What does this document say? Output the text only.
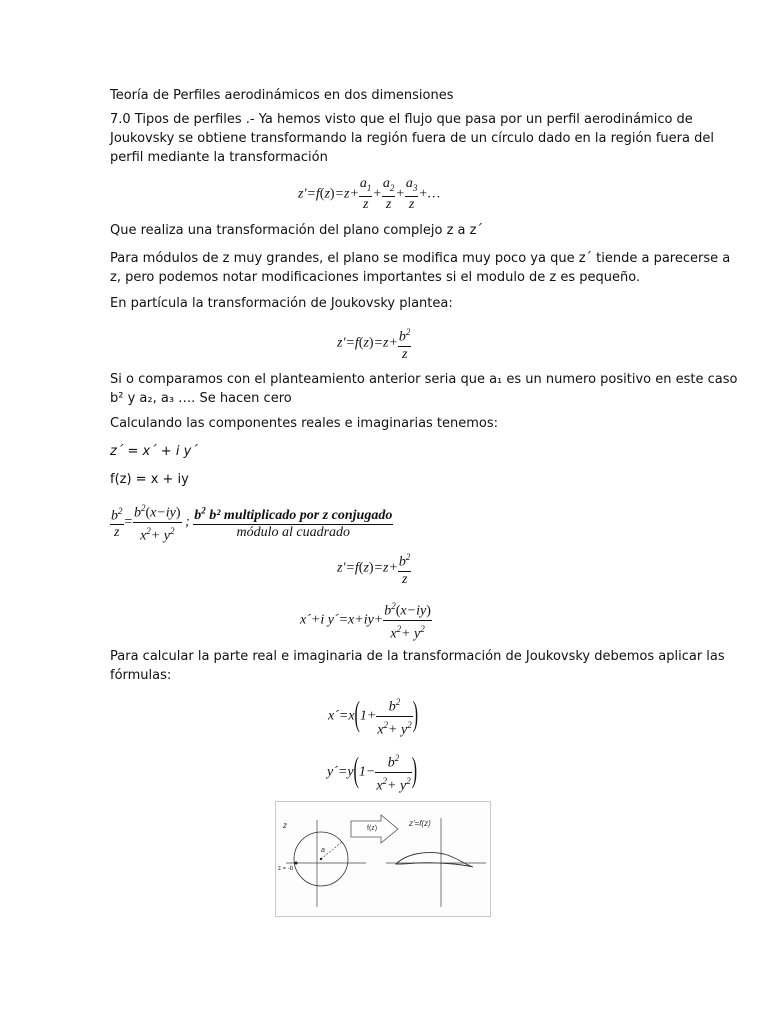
Teoría de Perfiles aerodinámicos en dos dimensiones
7.0 Tipos de perfiles .- Ya hemos visto que el flujo que pasa por un perfil aerodinámico de
Joukovsky se obtiene transformando la región fuera de un círculo dado en la región fuera del
perfil mediante la transformación
$z'=f(z)=z+ \frac{a_1}{z} + \frac{a_2}{z} + \frac{a_3}{z}$ +…
Que realiza una transformación del plano complejo z a z´
Para módulos de z muy grandes, el plano se modifica muy poco ya que z´ tiende a parecerse a
z, pero podemos notar modificaciones importantes si el modulo de z es pequeño.
En partícula la transformación de Joukovsky plantea:
$z'=f(z)=z+ \frac{b^2}{z}$
Si o comparamos con el planteamiento anterior seria que a₁ es un numero positivo en este caso
b² y a₂, a₃ …. Se hacen cero
Calculando las componentes reales e imaginarias tenemos:
z´ = x´ + i y´
f(z) = x + iy
$\frac{b^2}{z} = \frac{b^2(x-iy)}{x^2+ y^2}$ ; $\frac{b^2 b^2 multiplicado por z conjugado}{\text{módulo al cuadrado}}$
$z'=f(z)=z+ \frac{b^2}{z}$
x´+i y´=x+iy+ $\frac{b^2(x-iy)}{x^2+ y^2}$
Para calcular la parte real e imaginaria de la transformación de Joukovsky debemos aplicar las
fórmulas:
x´=x(1+ $\frac{b^2}{x^2+ y^2}$ )
y´=y(1− $\frac{b^2}{x^2+ y^2}$ )
z	f(z)
z'=f(z)
a
z = -b
